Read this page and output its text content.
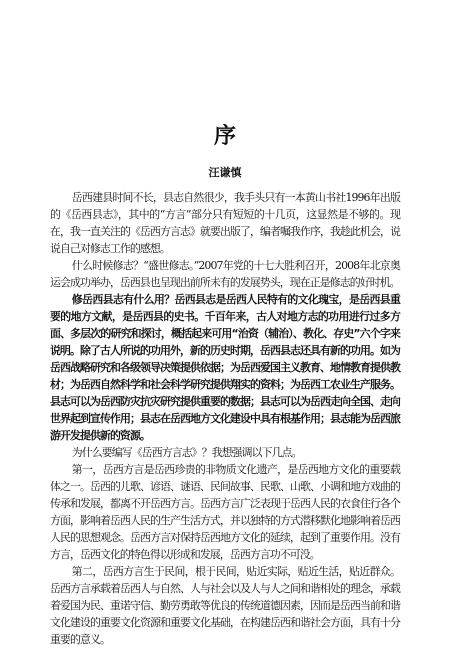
序
汪谦慎

岳西建县时间不长，县志自然很少，我手头只有一本黄山书社1996年出版的《岳西县志》，其中的“方言”部分只有短短的十几页，这显然是不够的。现在，我一直关注的《岳西方言志》就要出版了，编者嘱我作序，我趁此机会，说说自己对修志工作的感想。

什么时候修志？“盛世修志。”2007年党的十七大胜利召开，2008年北京奥运会成功举办，岳西县也呈现出前所未有的发展势头，现在正是修志的好时机。

修岳西县志有什么用？岳西县志是岳西人民特有的文化瑰宝，是岳西县重要的地方文献，是岳西县的史书。千百年来，古人对地方志的功用进行过多方面、多层次的研究和探讨，概括起来可用“治资（辅治）、教化、存史”六个字来说明。除了古人所说的功用外，新的历史时期，岳西县志还具有新的功用。如为岳西战略研究和各级领导决策提供依据；为岳西爱国主义教育、地情教育提供教材；为岳西自然科学和社会科学研究提供翔实的资料；为岳西工农业生产服务。县志可以为岳西防灾抗灾研究提供重要的数据；县志可以为岳西走向全国、走向世界起到宣传作用；县志在岳西地方文化建设中具有根基作用；县志能为岳西旅游开发提供新的资源。

为什么要编写《岳西方言志》？我想强调以下几点。

第一，岳西方言是岳西珍贵的非物质文化遗产，是岳西地方文化的重要载体之一。岳西的儿歌、谚语、谜语、民间故事、民歌、山歌、小调和地方戏曲的传承和发展，都离不开岳西方言。岳西方言广泛表现于岳西人民的衣食住行各个方面，影响着岳西人民的生产生活方式，并以独特的方式潜移默化地影响着岳西人民的思想观念。岳西方言对保持岳西地方文化的延续，起到了重要作用。没有方言，岳西文化的特色得以形成和发展，岳西方言功不可没。

第二，岳西方言生于民间，根于民间，贴近实际，贴近生活，贴近群众。岳西方言承载着岳西人与自然、人与社会以及人与人之间和谐相处的理念，承载着爱国为民、重诺守信、勤劳勇敢等优良的传统道德因素，因而是岳西当前和谐文化建设的重要文化资源和重要文化基础，在构建岳西和谐社会方面，具有十分重要的意义。
